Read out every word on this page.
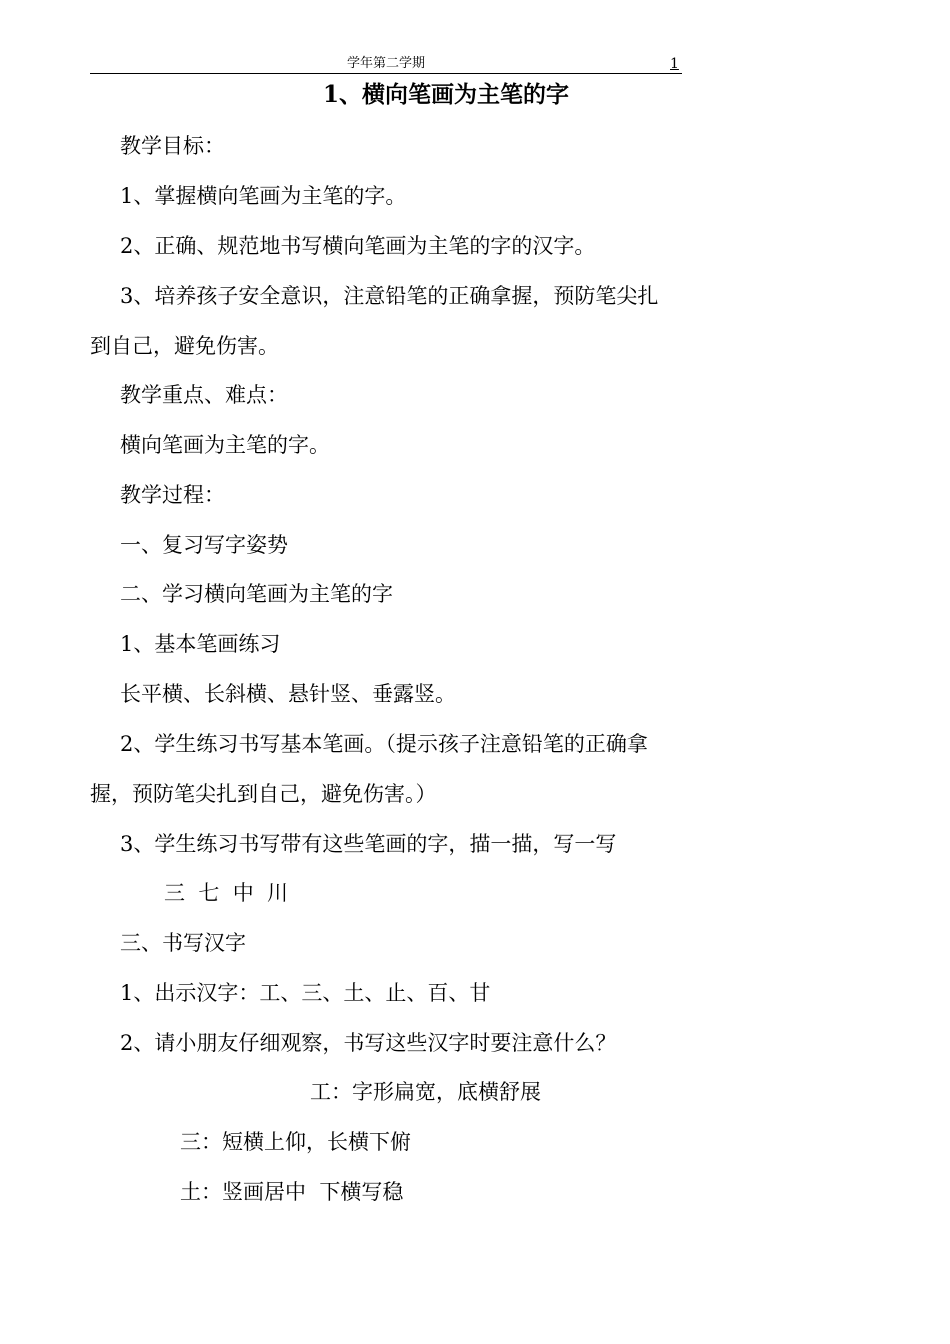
学年第二学期	1
1、横向笔画为主笔的字
教学目标：
1、掌握横向笔画为主笔的字。
2、正确、规范地书写横向笔画为主笔的字的汉字。
3、培养孩子安全意识，注意铅笔的正确拿握，预防笔尖扎
到自己，避免伤害。
教学重点、难点：
横向笔画为主笔的字。
教学过程：
一、复习写字姿势
二、学习横向笔画为主笔的字
1、基本笔画练习
长平横、长斜横、悬针竖、垂露竖。
2、学生练习书写基本笔画。（提示孩子注意铅笔的正确拿
握，预防笔尖扎到自己，避免伤害。）
3、学生练习书写带有这些笔画的字，描一描，写一写
三  七  中  川
三、书写汉字
1、出示汉字：工、三、土、止、百、甘
2、请小朋友仔细观察，书写这些汉字时要注意什么？
工：字形扁宽，底横舒展
三：短横上仰，长横下俯
土：竖画居中  下横写稳
